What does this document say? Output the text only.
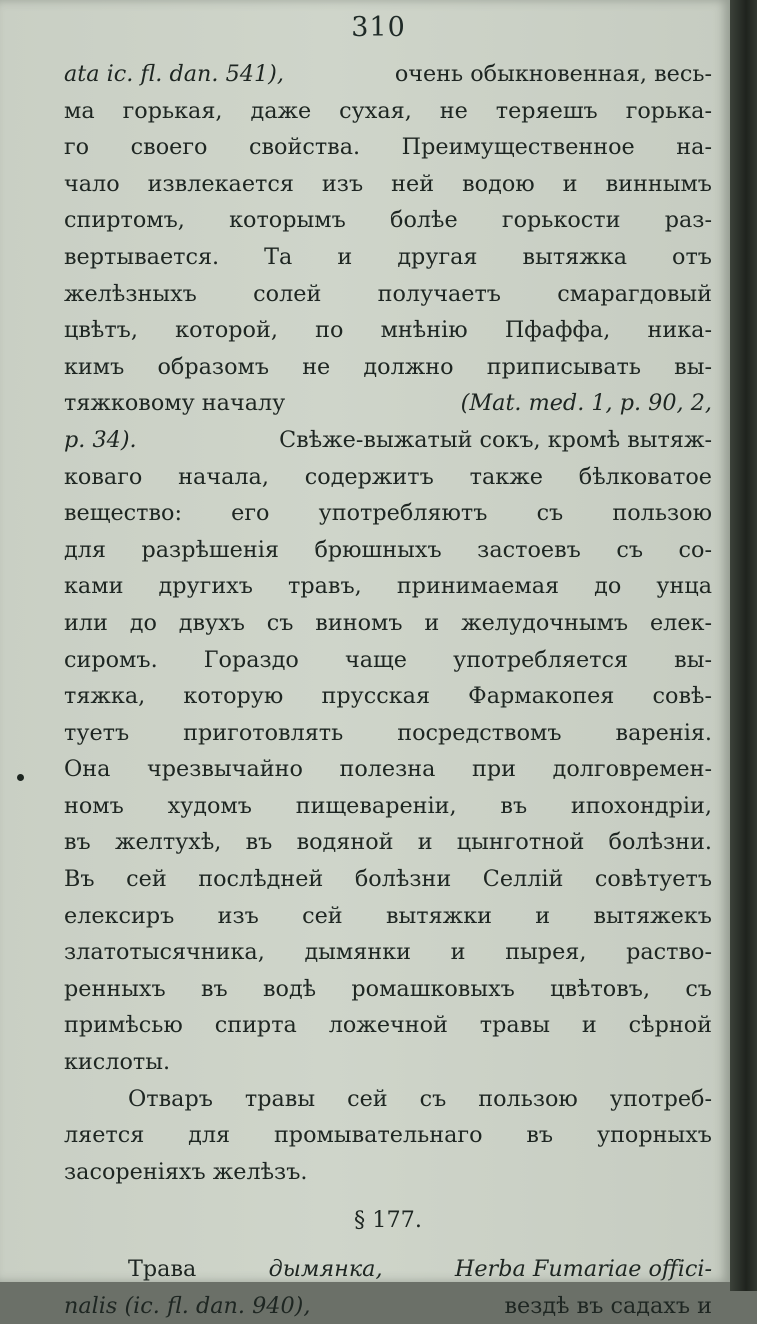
310
ata ic. fl. dan. 541),	очень обыкновенная, весь-
ма горькая, даже сухая, не теряешъ горька-
го своего свойства. Преимущественное на-
чало извлекается изъ ней водою и виннымъ
спиртомъ, которымъ болѣе горькости раз-
вертывается. Та и другая вытяжка отъ
желѣзныхъ солей получаетъ смарагдовый
цвѣтъ, которой, по мнѣнію Пфаффа, ника-
кимъ образомъ не должно приписывать вы-
тяжковому началу	(Mat. med. 1, p. 90, 2,
p. 34).	Свѣже-выжатый сокъ, кромѣ вытяж-
коваго начала, содержитъ также бѣлковатое
вещество: его употребляютъ съ пользою
для разрѣшенія брюшныхъ застоевъ съ со-
ками другихъ травъ, принимаемая до унца
или до двухъ съ виномъ и желудочнымъ елек-
сиромъ. Гораздо чаще употребляется вы-
тяжка, которую прусская Фармакопея совѣ-
туетъ приготовлять посредствомъ варенія.
Она чрезвычайно полезна при долговремен-
номъ худомъ пищевареніи, въ ипохондріи,
въ желтухѣ, въ водяной и цынготной болѣзни.
Въ сей послѣдней болѣзни Селлій совѣтуетъ
елексиръ изъ сей вытяжки и вытяжекъ
златотысячника, дымянки и пырея, раство-
ренныхъ въ водѣ ромашковыхъ цвѣтовъ, съ
примѣсью спирта ложечной травы и сѣрной
кислоты.
Отваръ травы сей съ пользою употреб-
ляется для промывательнаго въ упорныхъ
засореніяхъ желѣзъ.
§ 177.
Трава	дымянка,	Herba Fumariae offici-
nalis (ic. fl. dan. 940),	вездѣ въ садахъ и
